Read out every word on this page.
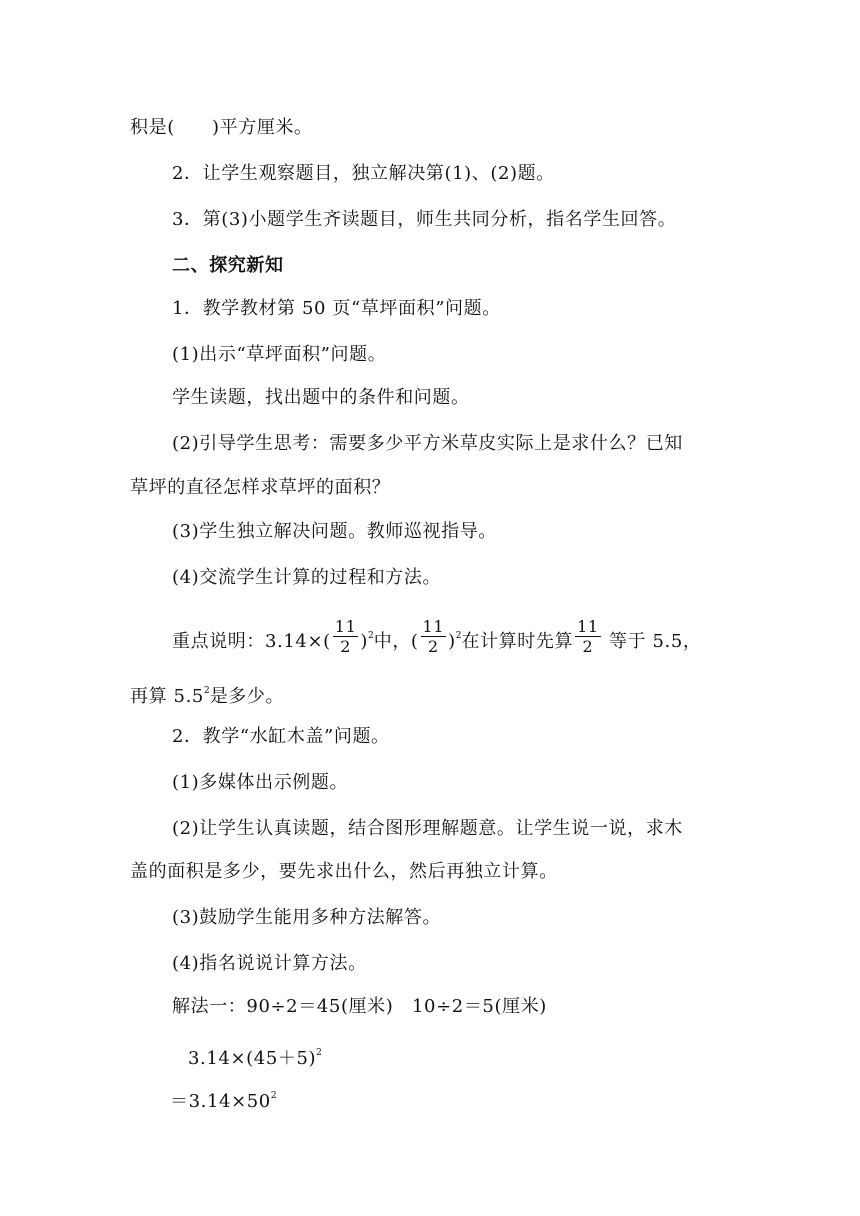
积是(　　)平方厘米。
2．让学生观察题目，独立解决第(1)、(2)题。
3．第(3)小题学生齐读题目，师生共同分析，指名学生回答。
二、探究新知
1．教学教材第 50 页“草坪面积”问题。
(1)出示“草坪面积”问题。
学生读题，找出题中的条件和问题。
(2)引导学生思考：需要多少平方米草皮实际上是求什么？已知
草坪的直径怎样求草坪的面积？
(3)学生独立解决问题。教师巡视指导。
(4)交流学生计算的过程和方法。
重点说明：$3.14\times( \frac{11}{2} )^2$中，( $\frac{11}{2} )^2$在计算时先算 $\frac{11}{2}$ 等于 5.5，
再算 $5.5^2$是多少。
2．教学“水缸木盖”问题。
(1)多媒体出示例题。
(2)让学生认真读题，结合图形理解题意。让学生说一说，求木
盖的面积是多少，要先求出什么，然后再独立计算。
(3)鼓励学生能用多种方法解答。
(4)指名说说计算方法。
解法一：90÷2＝45(厘米)　10÷2＝5(厘米)
$3.14\times(45+5)^2$
$=3.14\times 50^2$
